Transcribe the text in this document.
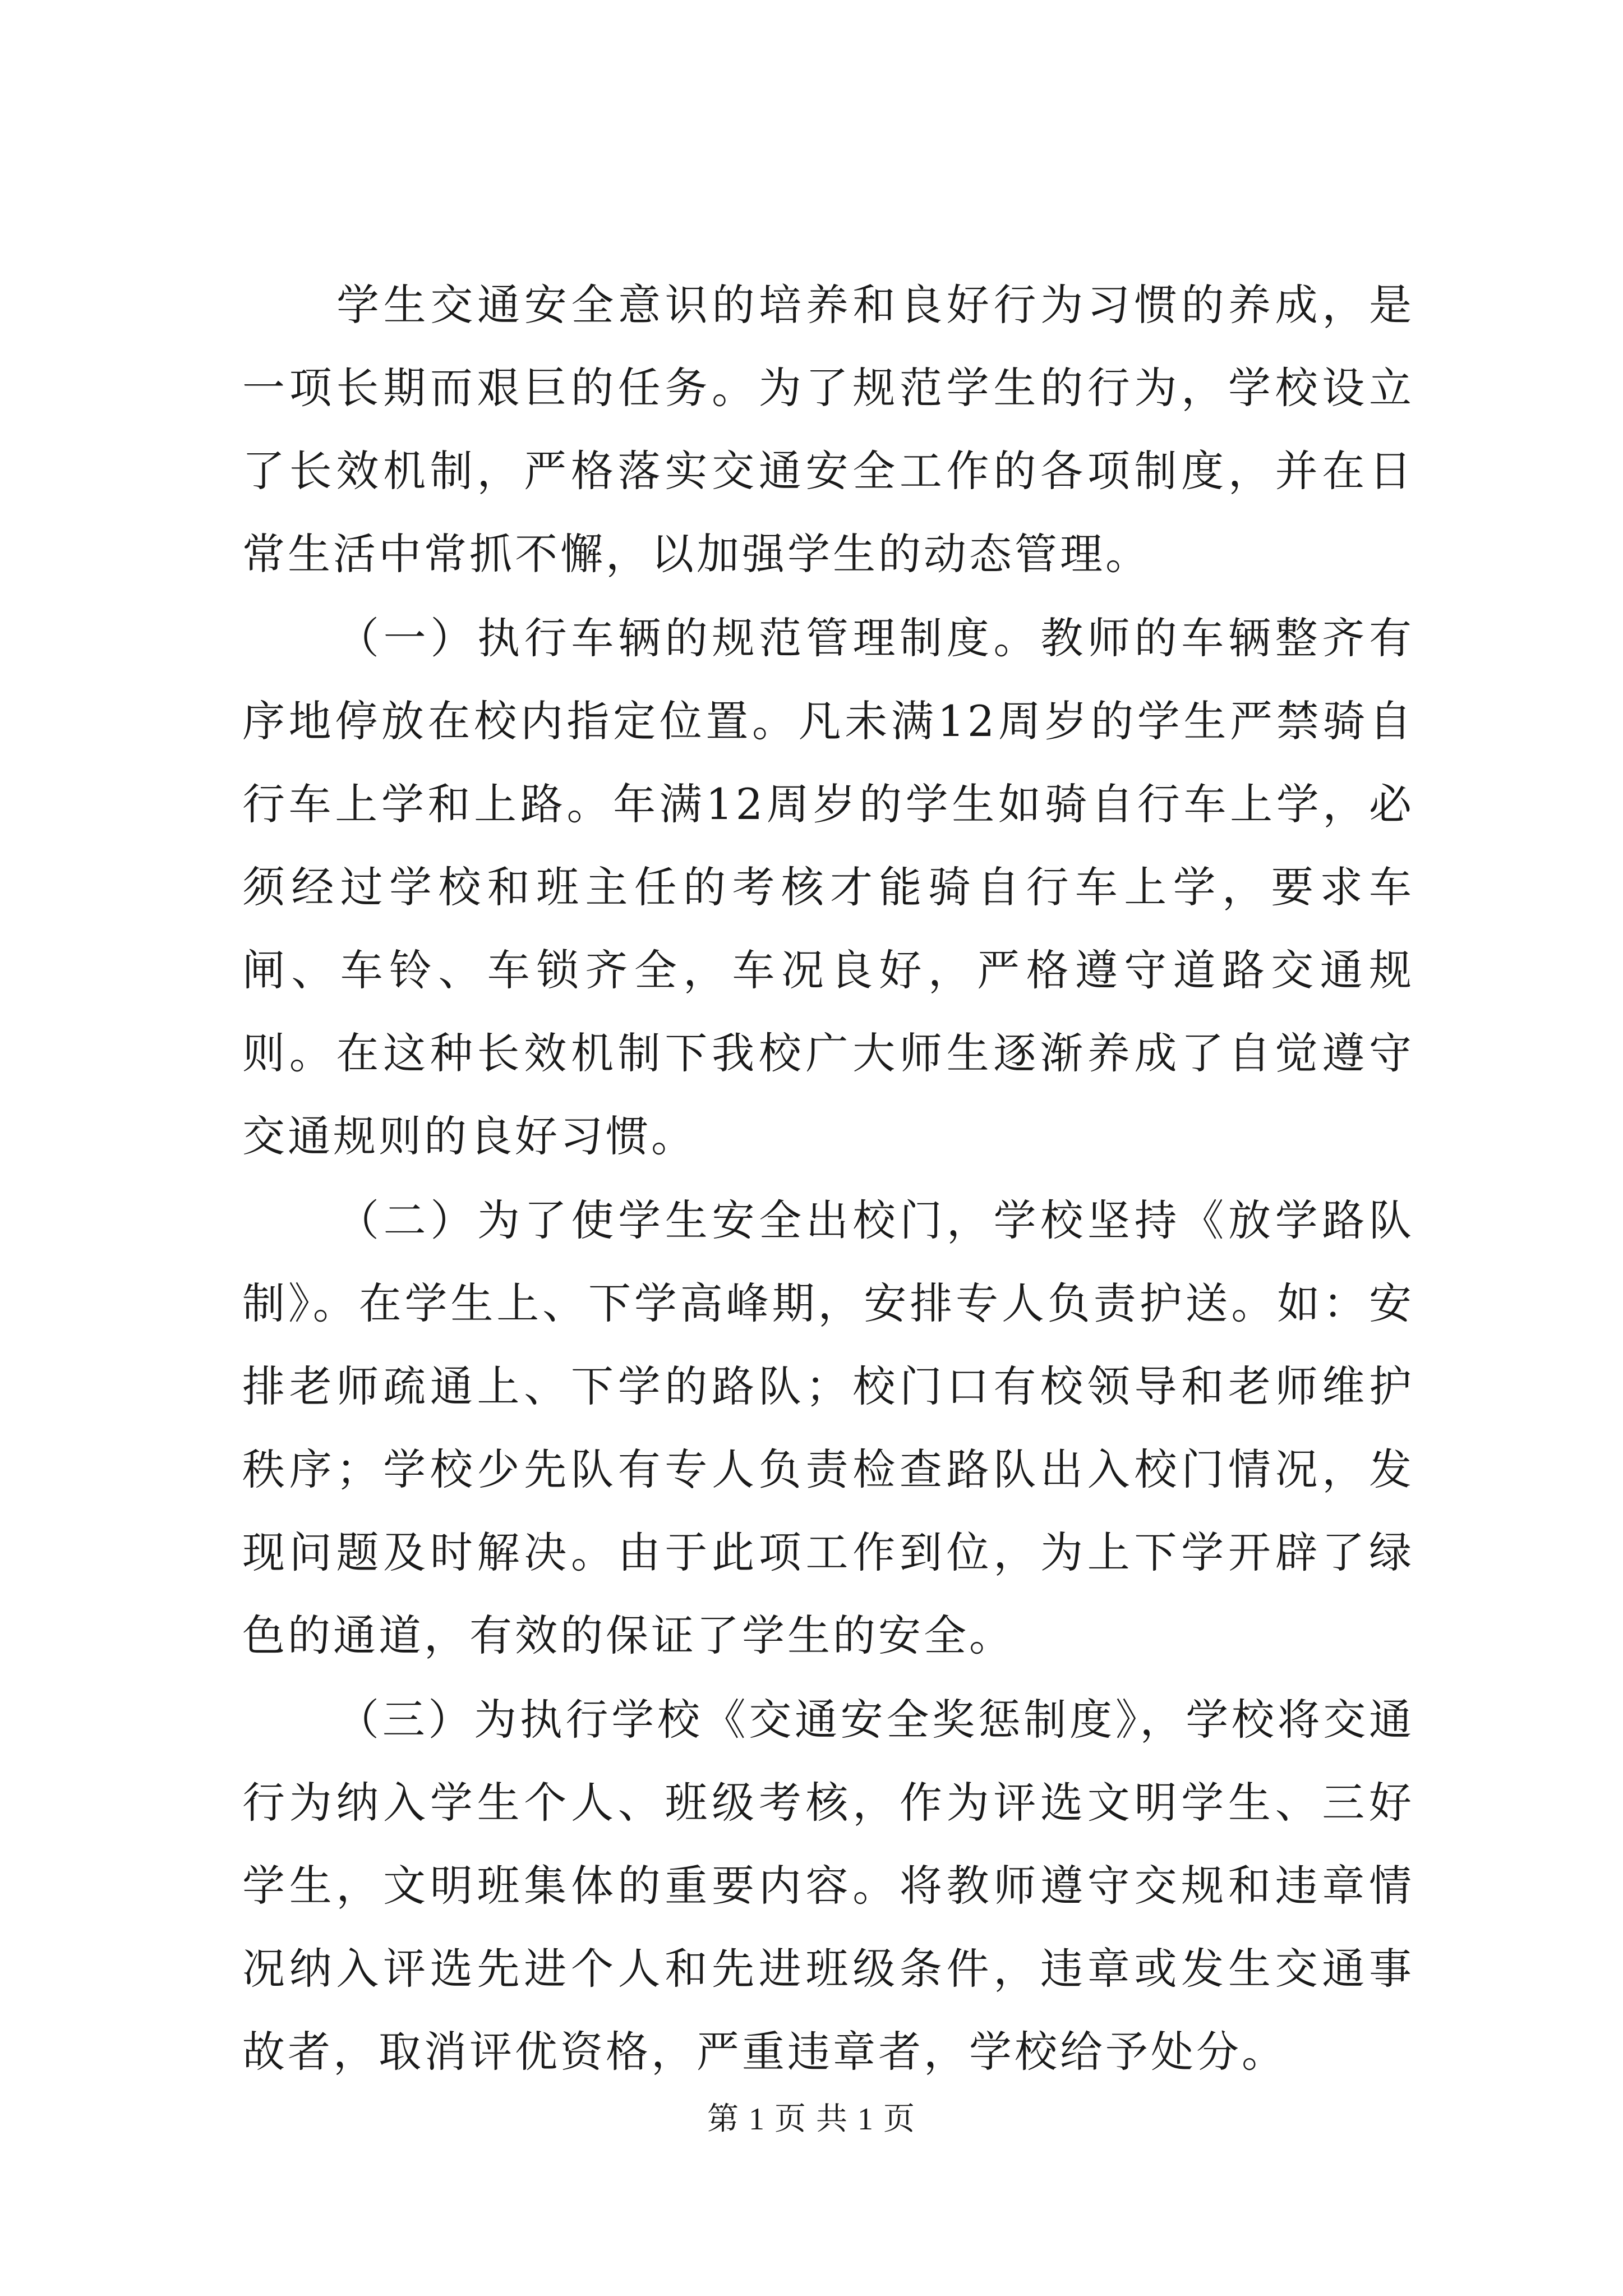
学生交通安全意识的培养和良好行为习惯的养成，是一项长期而艰巨的任务。为了规范学生的行为，学校设立了长效机制，严格落实交通安全工作的各项制度，并在日常生活中常抓不懈，以加强学生的动态管理。

（一）执行车辆的规范管理制度。教师的车辆整齐有序地停放在校内指定位置。凡未满12周岁的学生严禁骑自行车上学和上路。年满12周岁的学生如骑自行车上学，必须经过学校和班主任的考核才能骑自行车上学，要求车闸、车铃、车锁齐全，车况良好，严格遵守道路交通规则。在这种长效机制下我校广大师生逐渐养成了自觉遵守交通规则的良好习惯。

（二）为了使学生安全出校门，学校坚持《放学路队制》。在学生上、下学高峰期，安排专人负责护送。如：安排老师疏通上、下学的路队；校门口有校领导和老师维护秩序；学校少先队有专人负责检查路队出入校门情况，发现问题及时解决。由于此项工作到位，为上下学开辟了绿色的通道，有效的保证了学生的安全。

（三）为执行学校《交通安全奖惩制度》，学校将交通行为纳入学生个人、班级考核，作为评选文明学生、三好学生，文明班集体的重要内容。将教师遵守交规和违章情况纳入评选先进个人和先进班级条件，违章或发生交通事故者，取消评优资格，严重违章者，学校给予处分。

第 1 页 共 1 页
